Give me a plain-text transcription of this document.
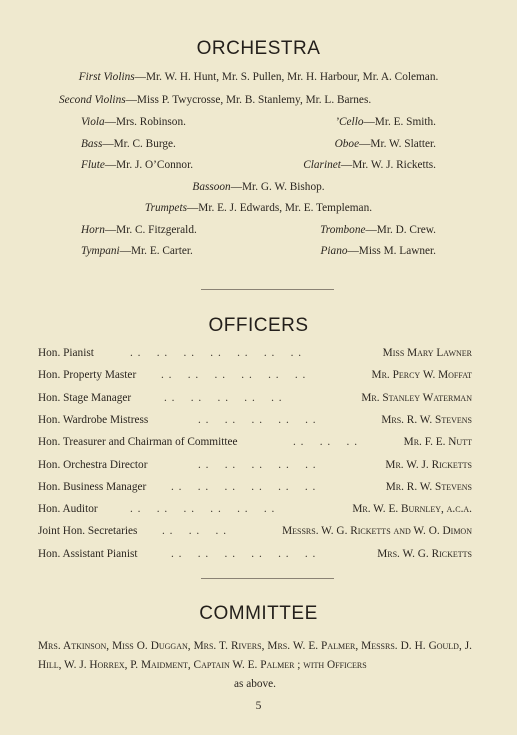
ORCHESTRA
First Violins—Mr. W. H. Hunt, Mr. S. Pullen, Mr. H. Harbour, Mr. A. Coleman.
Second Violins—Miss P. Twycrosse, Mr. B. Stanlemy, Mr. L. Barnes.
Viola—Mrs. Robinson.	’Cello—Mr. E. Smith.
Bass—Mr. C. Burge.	Oboe—Mr. W. Slatter.
Flute—Mr. J. O’Connor.	Clarinet—Mr. W. J. Ricketts.
Bassoon—Mr. G. W. Bishop.
Trumpets—Mr. E. J. Edwards, Mr. E. Templeman.
Horn—Mr. C. Fitzgerald.	Trombone—Mr. D. Crew.
Tympani—Mr. E. Carter.	Piano—Miss M. Lawner.
OFFICERS
Hon. Pianist	. .    . .    . .    . .    . .    . .    . .	Miss Mary Lawner
Hon. Property Master . .    . .    . .    . .    . .    . .	Mr. Percy W. Moffat
Hon. Stage Manager	. .    . .    . .    . .    . .	Mr. Stanley Waterman
Hon. Wardrobe Mistress	. .    . .    . .    . .    . .	Mrs. R. W. Stevens
Hon. Treasurer and Chairman of Committee	. .    . .    . .	Mr. F. E. Nutt
Hon. Orchestra Director	. .    . .    . .    . .    . .	Mr. W. J. Ricketts
Hon. Business Manager . .    . .    . .    . .    . .    . .	Mr. R. W. Stevens
Hon. Auditor	. .    . .    . .    . .    . .    . .	Mr. W. E. Burnley, a.c.a.
Joint Hon. Secretaries . .    . .    . .	Messrs. W. G. Ricketts and W. O. Dimon
Hon. Assistant Pianist	. .    . .    . .    . .    . .    . .	Mrs. W. G. Ricketts
COMMITTEE
Mrs. Atkinson, Miss O. Duggan, Mrs. T. Rivers, Mrs. W. E. Palmer, Messrs. D. H. Gould, J. Hill, W. J. Horrex, P. Maidment, Captain W. E. Palmer ; with Officers
as above.
5
